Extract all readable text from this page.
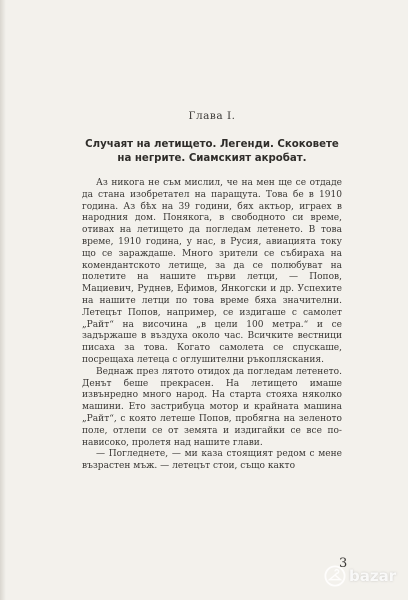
Глава I.
Случаят на летището. Легенди. Скоковете на негрите. Сиамският акробат.

Аз никога не съм мислил, че на мен ще се отдаде да стана изобретател на паращута. Това бе в 1910 година. Аз бѣх на 39 години, бях актьор, играех в народния дом. Понякога, в свободното си време, отивах на летището да погледам летенето. В това време, 1910 година, у нас, в Русия, авиацията току що се зараждаше. Много зрители се събираха на комендантското летище, за да се полюбуват на полетите на нашите първи летци, — Попов, Мациевич, Руднев, Ефимов, Янкогски и др. Успехите на нашите летци по това време бяха значителни. Летецът Попов, например, се издигаше с самолет „Райт“ на височина „в цели 100 метра.“ и се задържаше в въздуха около час. Всичките вестници писаха за това. Когато самолета се спускаше, посрещаха летеца с оглушителни ръкопляскания.

Веднаж през лятото отидох да погледам летенето. Денът беше прекрасен. На летището имаше извънредно много народ. На старта стояха няколко машини. Ето застрибуца мотор и крайната машина „Райт“, с която летеше Попов, пробягна на зеленото поле, отлепи се от земята и издигайки се все по-нависоко, пролетя над нашите глави.

— Погледнете, — ми каза стоящият редом с мене възрастен мъж. — летецът стои, също както

3
bazar
